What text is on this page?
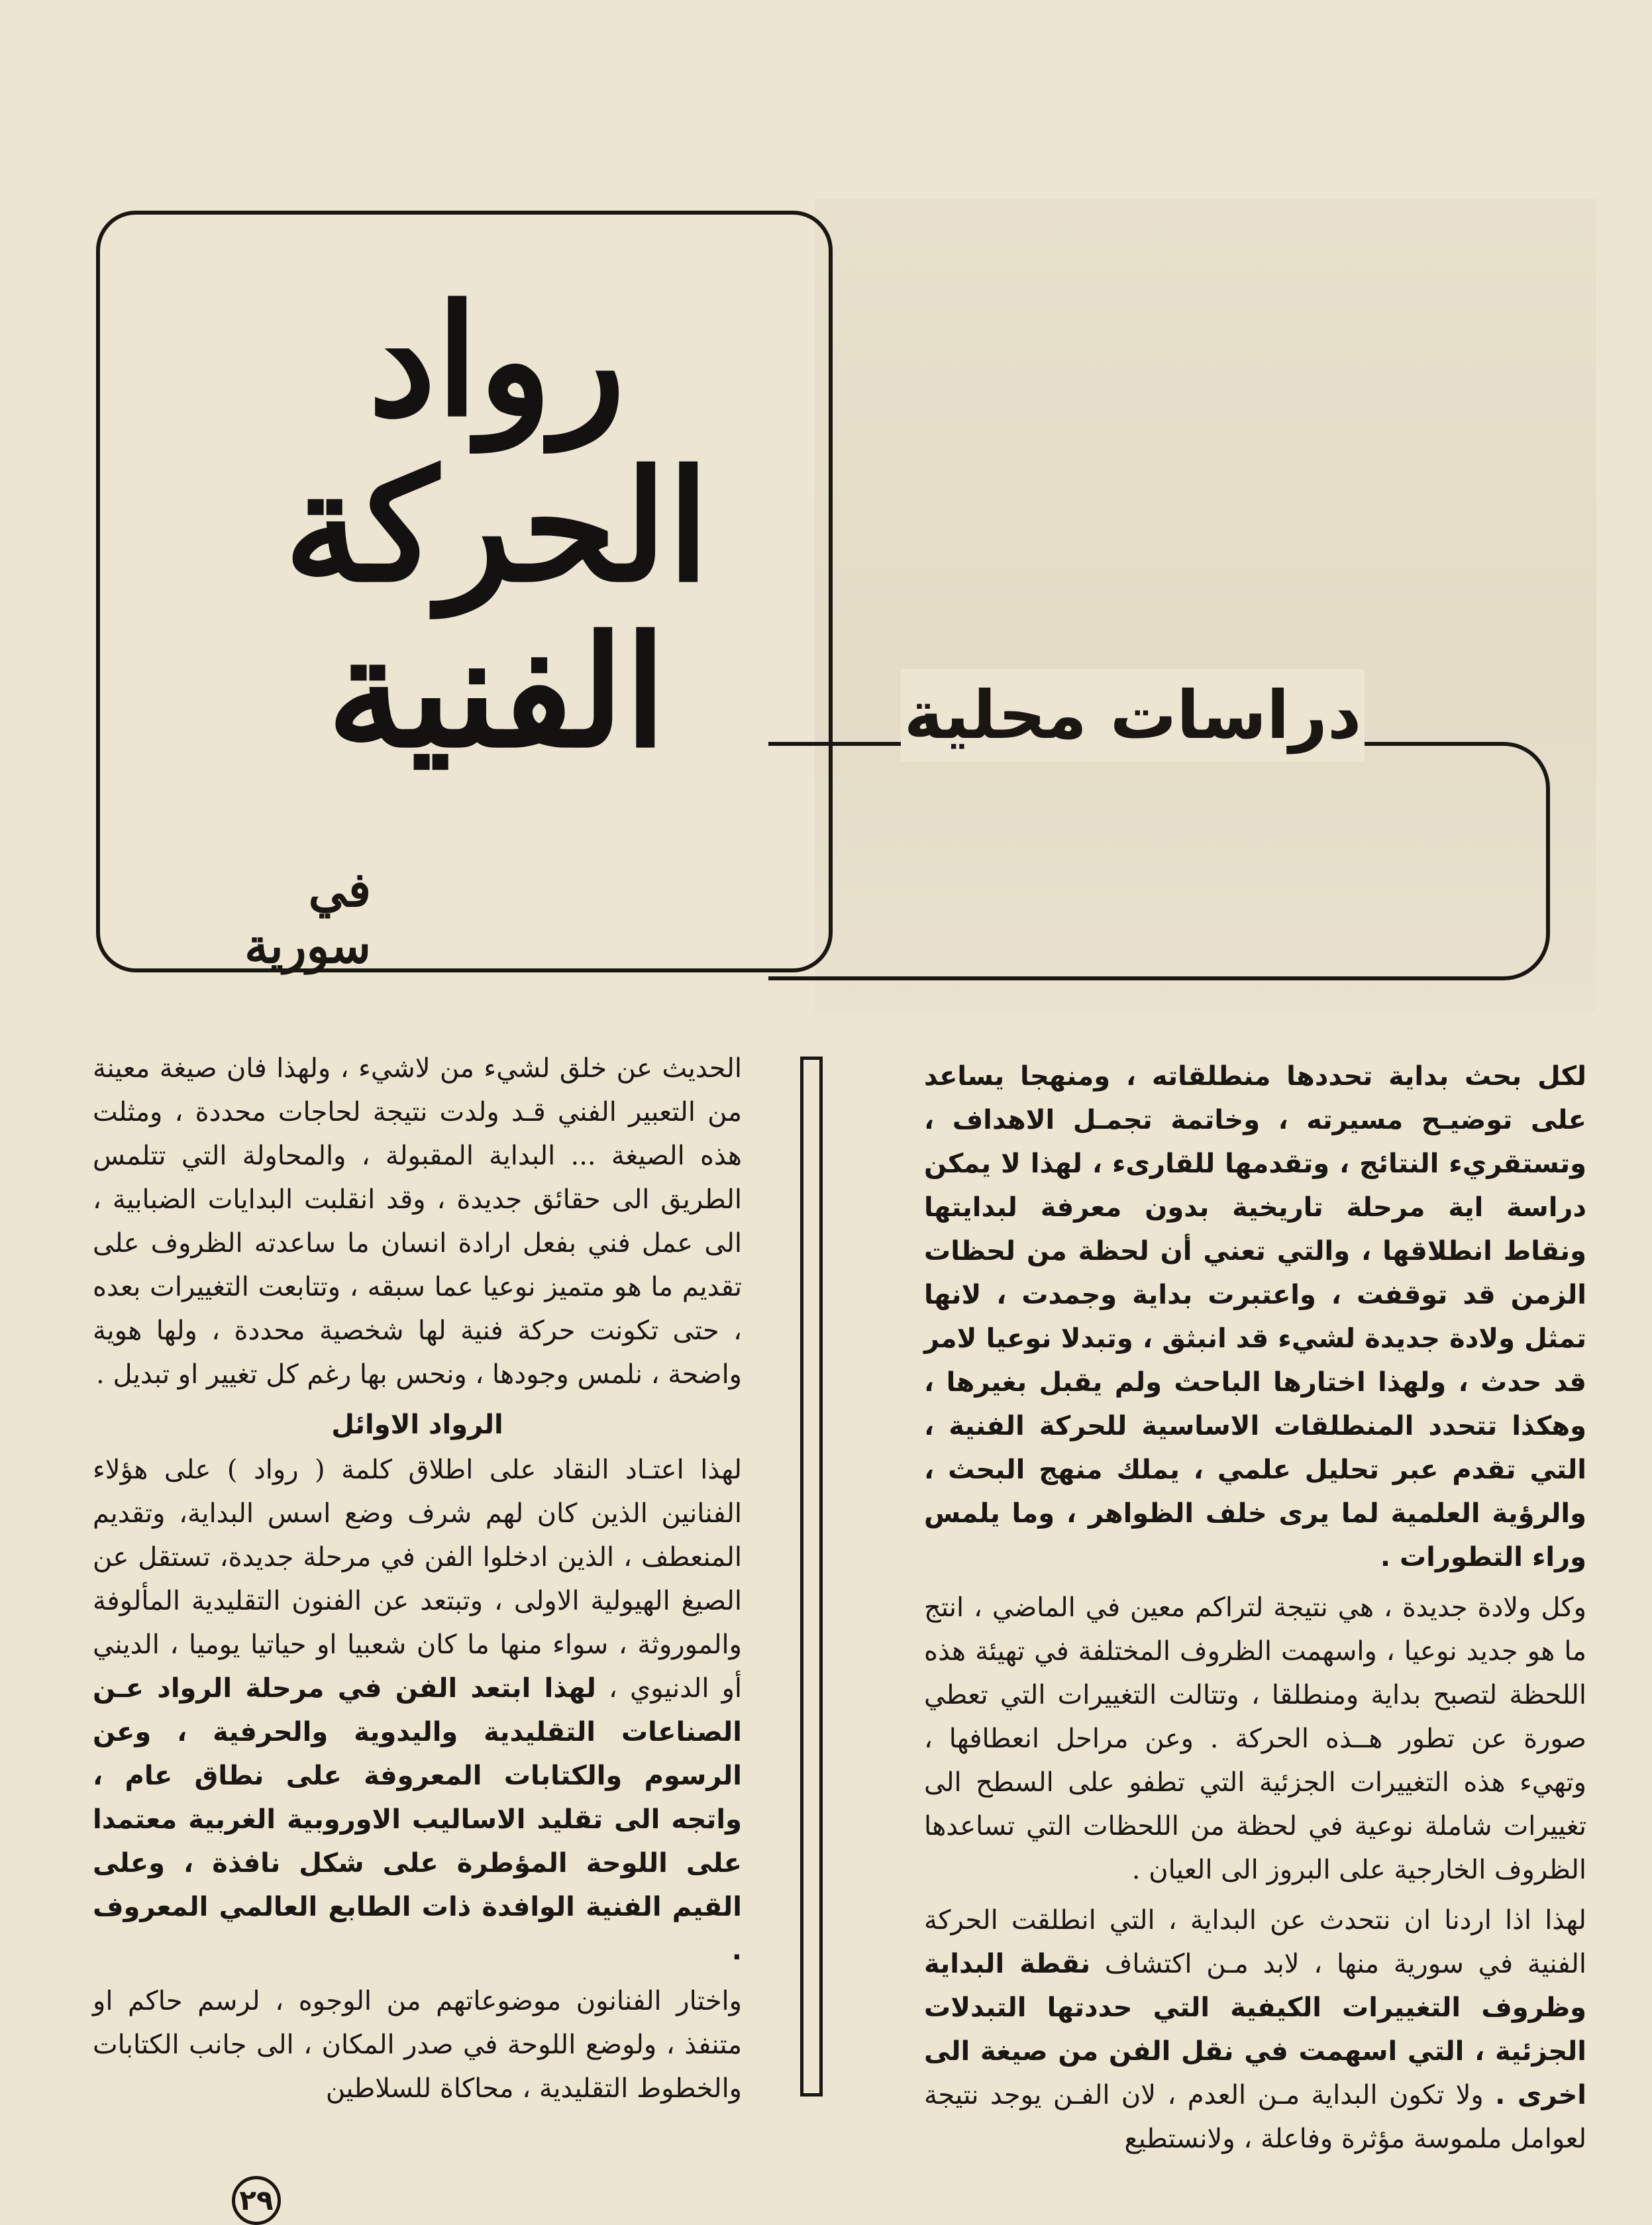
رواد
الحركة
الفنية
في سورية
دراسات محلية

لكل بحث بداية تحددها منطلقاته ، ومنهجا يساعد على توضيـح مسيرته ، وخاتمة تجمـل الاهداف ، وتستقريء النتائج ، وتقدمها للقارىء ، لهذا لا يمكن دراسة اية مرحلة تاريخية بدون معرفة لبدايتها ونقاط انطلاقها ، والتي تعني أن لحظة من لحظات الزمن قد توقفت ، واعتبرت بداية وجمدت ، لانها تمثل ولادة جديدة لشيء قد انبثق ، وتبدلا نوعيا لامر قد حدث ، ولهذا اختارها الباحث ولم يقبل بغيرها ، وهكذا تتحدد المنطلقات الاساسية للحركة الفنية ، التي تقدم عبر تحليل علمي ، يملك منهج البحث ، والرؤية العلمية لما يرى خلف الظواهر ، وما يلمس وراء التطورات .

وكل ولادة جديدة ، هي نتيجة لتراكم معين في الماضي ، انتج ما هو جديد نوعيا ، واسهمت الظروف المختلفة في تهيئة هذه اللحظة لتصبح بداية ومنطلقا ، وتتالت التغييرات التي تعطي صورة عن تطور هــذه الحركة . وعن مراحل انعطافها ، وتهيء هذه التغييرات الجزئية التي تطفو على السطح الى تغييرات شاملة نوعية في لحظة من اللحظات التي تساعدها الظروف الخارجية على البروز الى العيان .

لهذا اذا اردنا ان نتحدث عن البداية ، التي انطلقت الحركة الفنية في سورية منها ، لابد مـن اكتشاف نقطة البداية وظروف التغييرات الكيفية التي حددتها التبدلات الجزئية ، التي اسهمت في نقل الفن من صيغة الى اخرى . ولا تكون البداية مـن العدم ، لان الفـن يوجد نتيجة لعوامل ملموسة مؤثرة وفاعلة ، ولانستطيع

الحديث عن خلق لشيء من لاشيء ، ولهذا فان صيغة معينة من التعبير الفني قـد ولدت نتيجة لحاجات محددة ، ومثلت هذه الصيغة ... البداية المقبولة ، والمحاولة التي تتلمس الطريق الى حقائق جديدة ، وقد انقلبت البدايات الضبابية ، الى عمل فني بفعل ارادة انسان ما ساعدته الظروف على تقديم ما هو متميز نوعيا عما سبقه ، وتتابعت التغييرات بعده ، حتى تكونت حركة فنية لها شخصية محددة ، ولها هوية واضحة ، نلمس وجودها ، ونحس بها رغم كل تغيير او تبديل .

الرواد الاوائل

لهذا اعتـاد النقاد على اطلاق كلمة ( رواد ) على هؤلاء الفنانين الذين كان لهم شرف وضع اسس البداية، وتقديم المنعطف ، الذين ادخلوا الفن في مرحلة جديدة، تستقل عن الصيغ الهيولية الاولى ، وتبتعد عن الفنون التقليدية المألوفة والموروثة ، سواء منها ما كان شعبيا او حياتيا يوميا ، الديني أو الدنيوي ، لهذا ابتعد الفن في مرحلة الرواد عـن الصناعات التقليدية واليدوية والحرفية ، وعن الرسوم والكتابات المعروفة على نطاق عام ، واتجه الى تقليد الاساليب الاوروبية الغربية معتمدا على اللوحة المؤطرة على شكل نافذة ، وعلى القيم الفنية الوافدة ذات الطابع العالمي المعروف .

واختار الفنانون موضوعاتهم من الوجوه ، لرسم حاكم او متنفذ ، ولوضع اللوحة في صدر المكان ، الى جانب الكتابات والخطوط التقليدية ، محاكاة للسلاطين

٢٩
